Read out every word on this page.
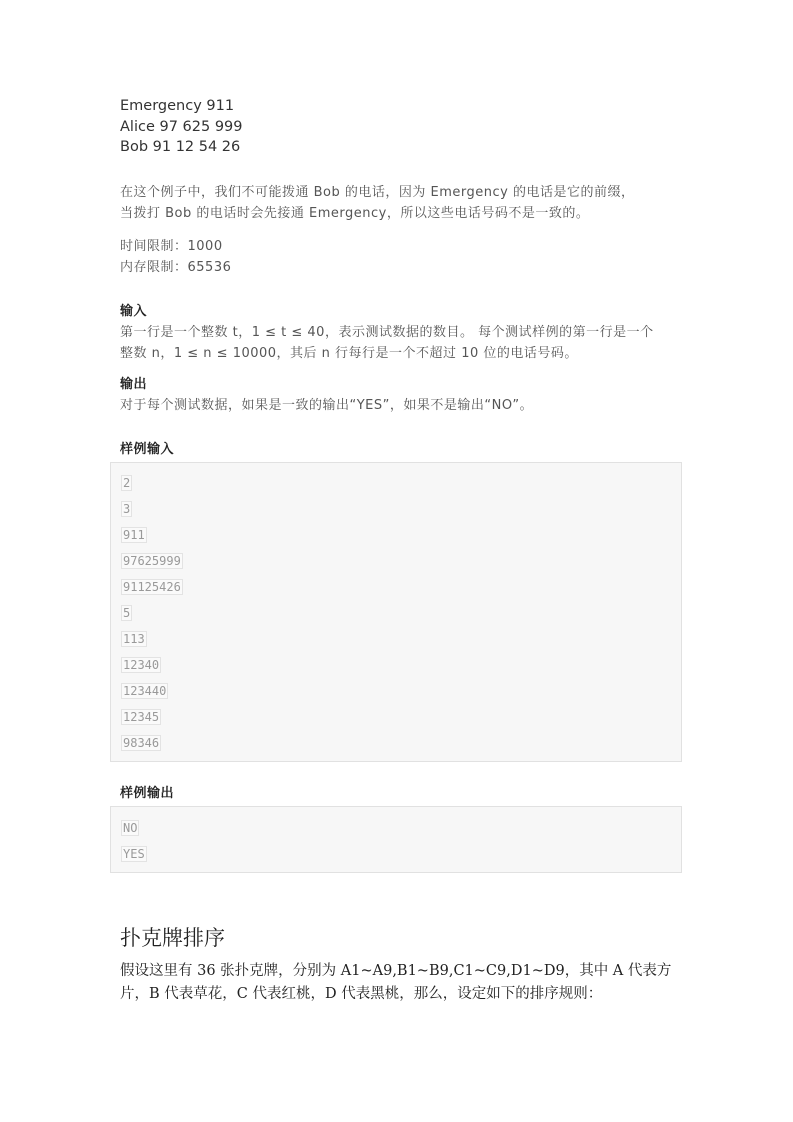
Emergency 911
Alice 97 625 999
Bob 91 12 54 26
在这个例子中，我们不可能拨通 Bob 的电话，因为 Emergency 的电话是它的前缀，
当拨打 Bob 的电话时会先接通 Emergency，所以这些电话号码不是一致的。
时间限制：1000
内存限制：65536
输入
第一行是一个整数 t，1 ≤ t ≤ 40，表示测试数据的数目。 每个测试样例的第一行是一个
整数 n，1 ≤ n ≤ 10000，其后 n 行每行是一个不超过 10 位的电话号码。
输出
对于每个测试数据，如果是一致的输出“YES”，如果不是输出“NO”。
样例输入
2
3
911
97625999
91125426
5
113
12340
123440
12345
98346
样例输出
NO
YES
扑克牌排序
假设这里有 36 张扑克牌，分别为 A1~A9,B1~B9,C1~C9,D1~D9，其中 A 代表方
片，B 代表草花，C 代表红桃，D 代表黑桃，那么，设定如下的排序规则：
